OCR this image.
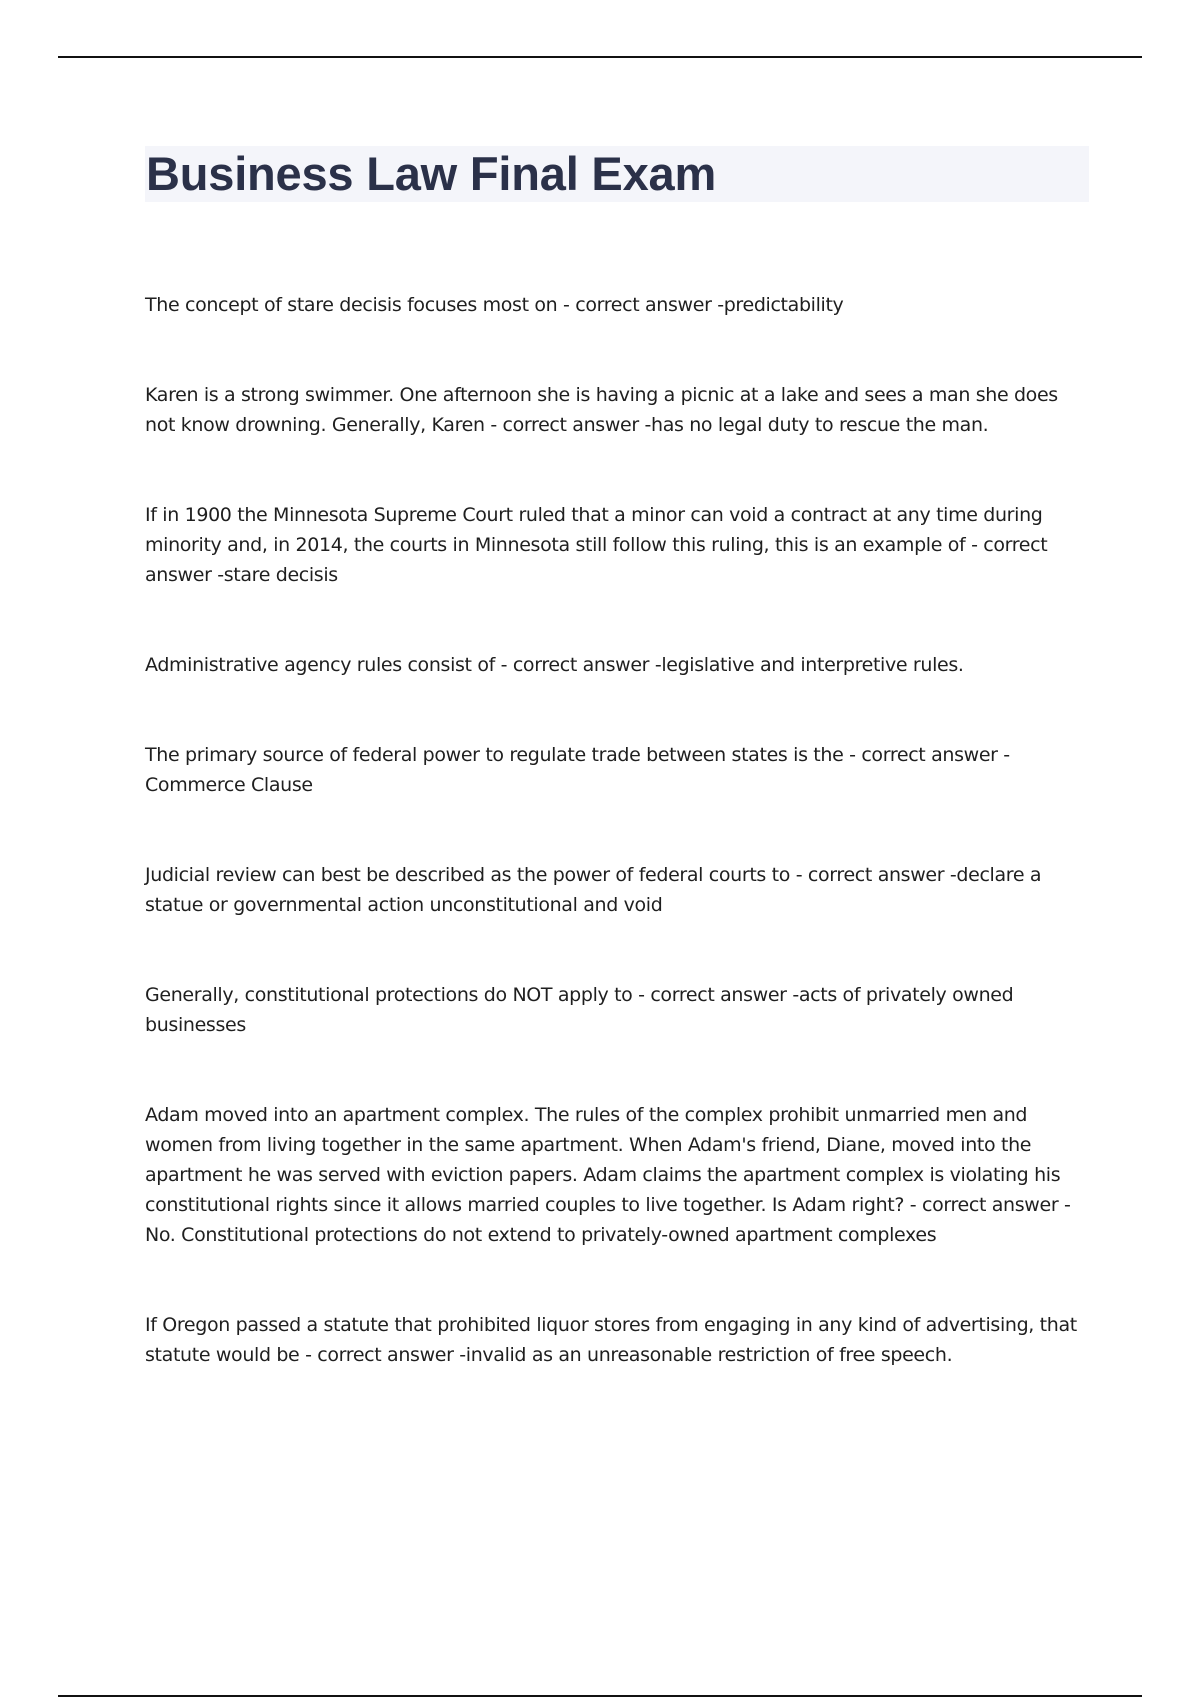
Business Law Final Exam

The concept of stare decisis focuses most on - correct answer -predictability

Karen is a strong swimmer. One afternoon she is having a picnic at a lake and sees a man she does not know drowning. Generally, Karen - correct answer -has no legal duty to rescue the man.

If in 1900 the Minnesota Supreme Court ruled that a minor can void a contract at any time during minority and, in 2014, the courts in Minnesota still follow this ruling, this is an example of - correct answer -stare decisis

Administrative agency rules consist of - correct answer -legislative and interpretive rules.

The primary source of federal power to regulate trade between states is the - correct answer -Commerce Clause

Judicial review can best be described as the power of federal courts to - correct answer -declare a statue or governmental action unconstitutional and void

Generally, constitutional protections do NOT apply to - correct answer -acts of privately owned businesses

Adam moved into an apartment complex. The rules of the complex prohibit unmarried men and women from living together in the same apartment. When Adam's friend, Diane, moved into the apartment he was served with eviction papers. Adam claims the apartment complex is violating his constitutional rights since it allows married couples to live together. Is Adam right? - correct answer -No. Constitutional protections do not extend to privately-owned apartment complexes

If Oregon passed a statute that prohibited liquor stores from engaging in any kind of advertising, that statute would be - correct answer -invalid as an unreasonable restriction of free speech.
